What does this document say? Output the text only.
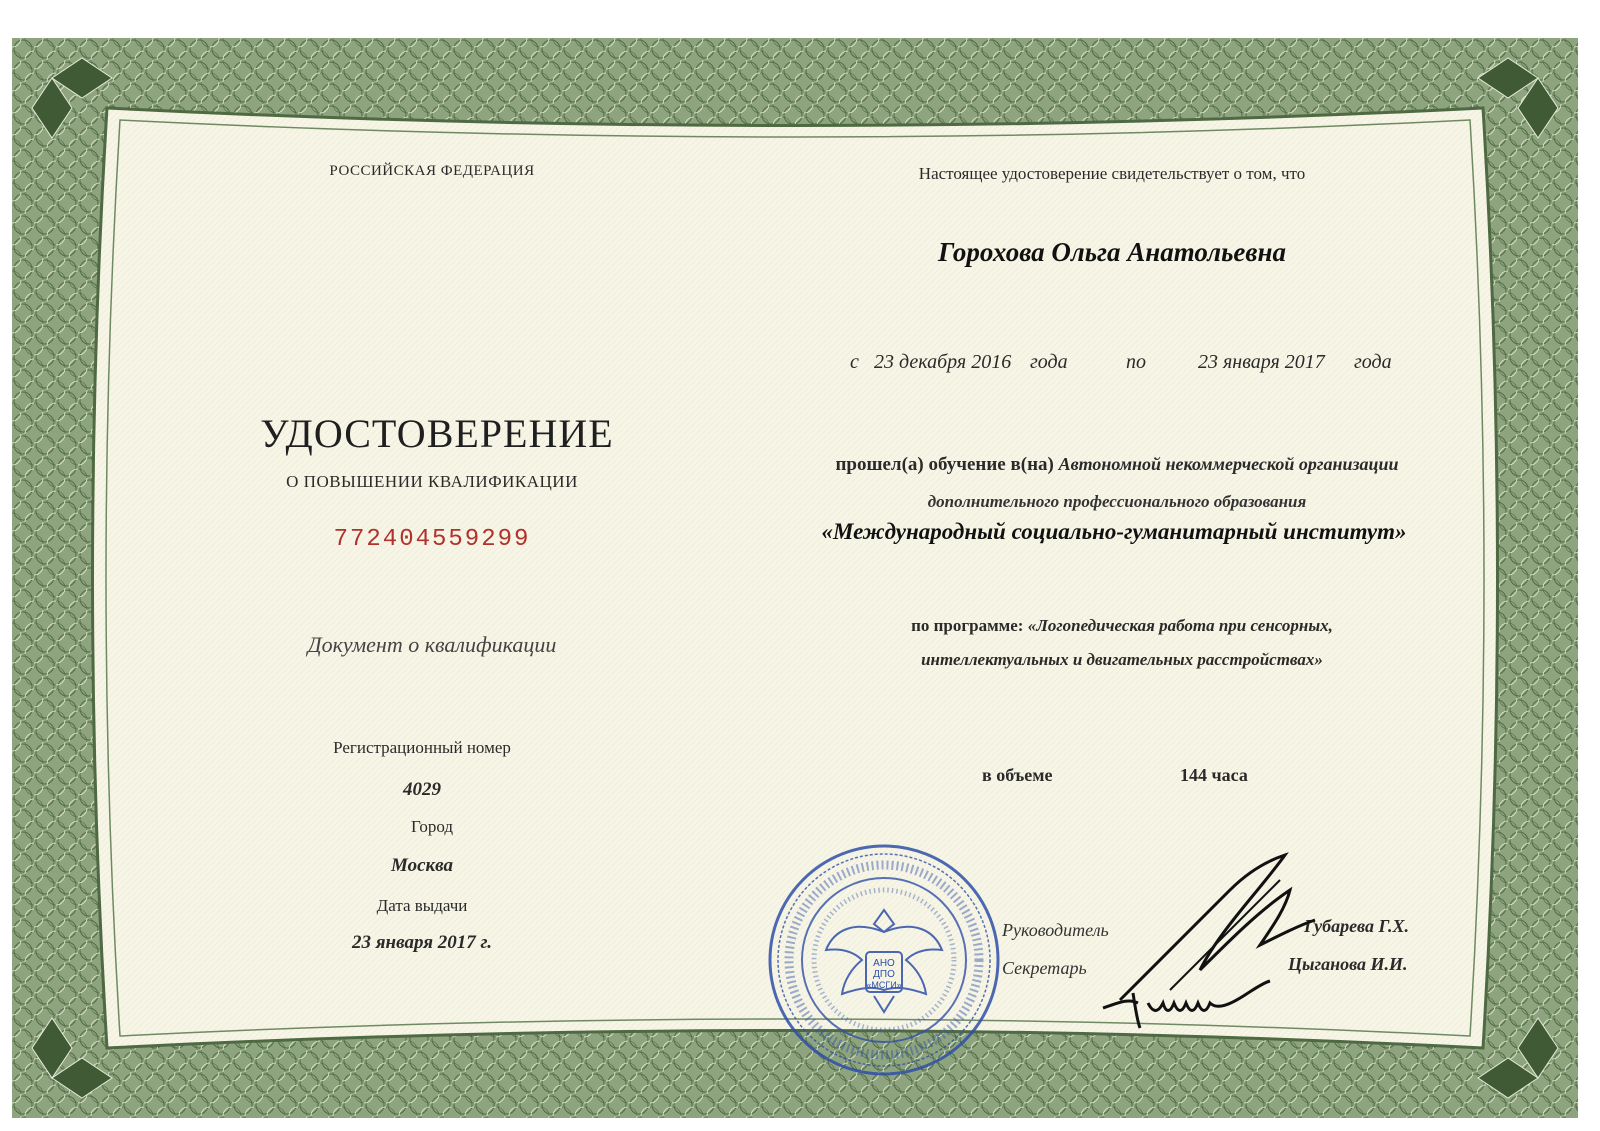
РОССИЙСКАЯ ФЕДЕРАЦИЯ
УДОСТОВЕРЕНИЕ
О ПОВЫШЕНИИ КВАЛИФИКАЦИИ
772404559299
Документ о квалификации
Регистрационный номер
4029
Город
Москва
Дата выдачи
23 января 2017 г.
Настоящее удостоверение свидетельствует о том, что
Горохова Ольга Анатольевна
с 23 декабря 2016 года	по	23 января 2017 года
прошел(а) обучение в(на) Автономной некоммерческой организации
дополнительного профессионального образования
«Международный социально-гуманитарный институт»
по программе: «Логопедическая работа при сенсорных,
интеллектуальных и двигательных расстройствах»
в объеме	144 часа
Руководитель	Губарева Г.Х.
Секретарь	Цыганова И.И.
АНО
ДПО
«МСГИ»
